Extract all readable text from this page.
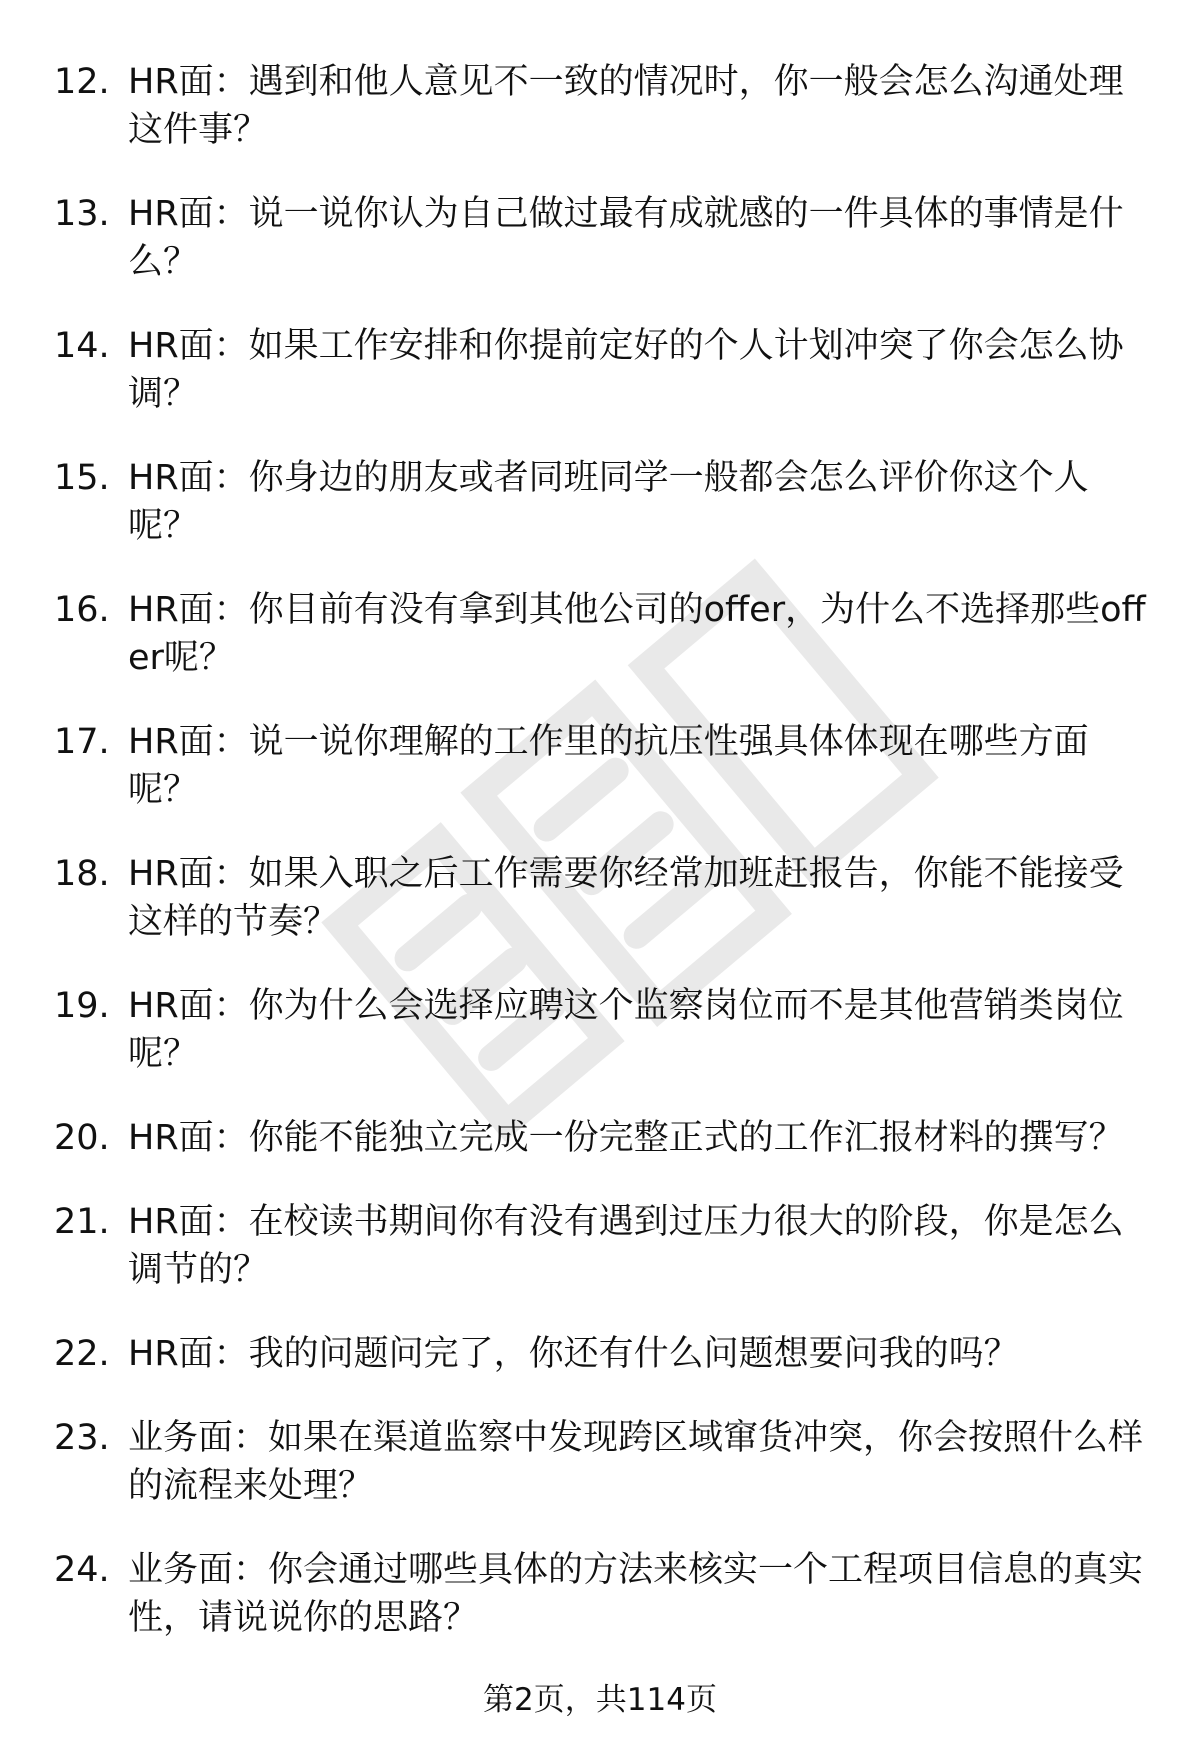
12. HR面：遇到和他人意见不一致的情况时，你一般会怎么沟通处理这件事？
13. HR面：说一说你认为自己做过最有成就感的一件具体的事情是什么？
14. HR面：如果工作安排和你提前定好的个人计划冲突了你会怎么协调？
15. HR面：你身边的朋友或者同班同学一般都会怎么评价你这个人呢？
16. HR面：你目前有没有拿到其他公司的offer，为什么不选择那些offer呢？
17. HR面：说一说你理解的工作里的抗压性强具体体现在哪些方面呢？
18. HR面：如果入职之后工作需要你经常加班赶报告，你能不能接受这样的节奏？
19. HR面：你为什么会选择应聘这个监察岗位而不是其他营销类岗位呢？
20. HR面：你能不能独立完成一份完整正式的工作汇报材料的撰写？
21. HR面：在校读书期间你有没有遇到过压力很大的阶段，你是怎么调节的？
22. HR面：我的问题问完了，你还有什么问题想要问我的吗？
23. 业务面：如果在渠道监察中发现跨区域窜货冲突，你会按照什么样的流程来处理？
24. 业务面：你会通过哪些具体的方法来核实一个工程项目信息的真实性，请说说你的思路？
第2页，共114页
